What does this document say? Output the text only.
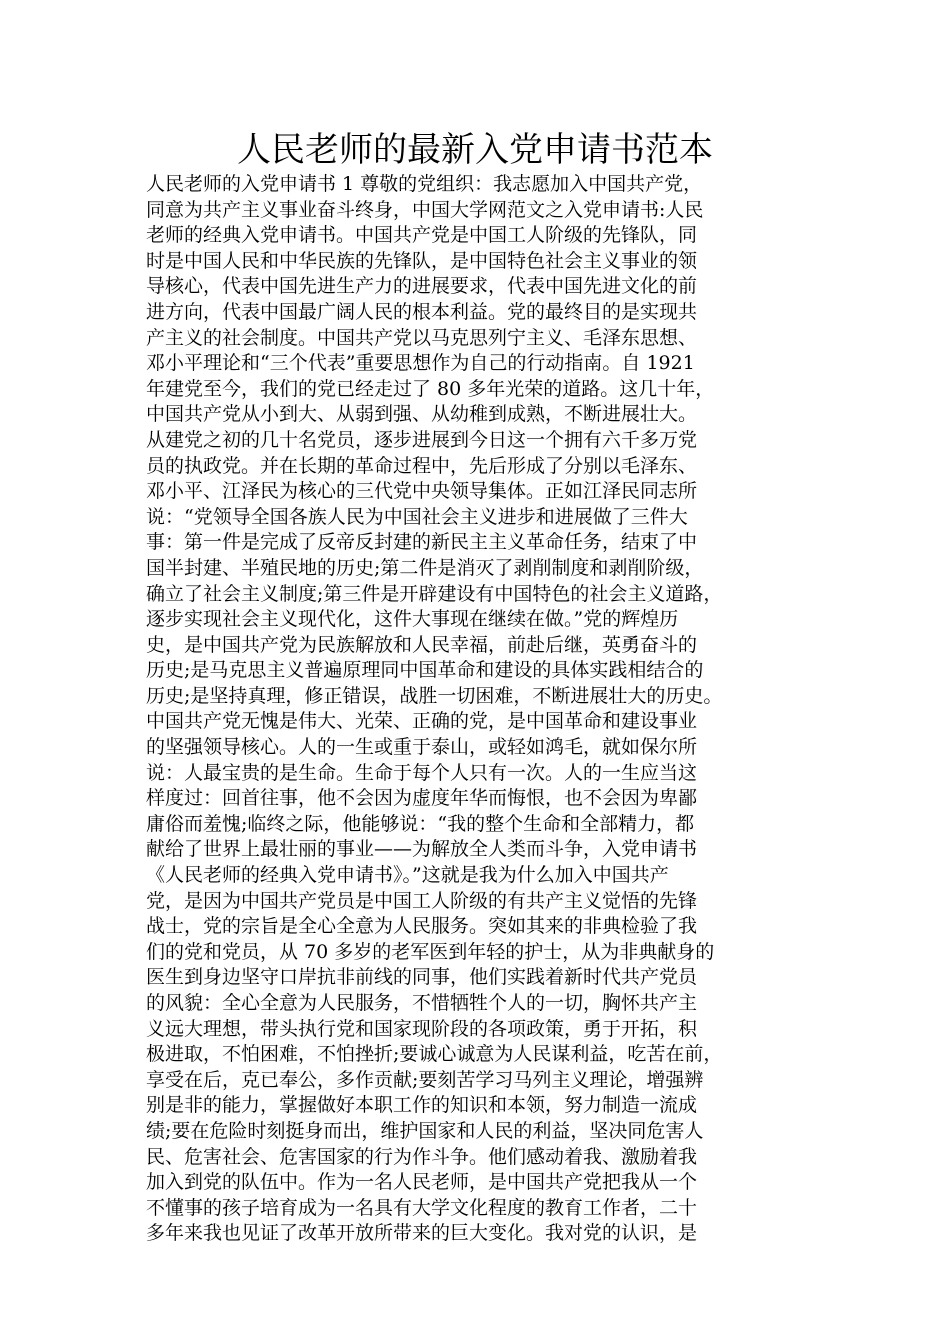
人民老师的最新入党申请书范本
人民老师的入党申请书 1 尊敬的党组织：我志愿加入中国共产党，
同意为共产主义事业奋斗终身，中国大学网范文之入党申请书:人民
老师的经典入党申请书。中国共产党是中国工人阶级的先锋队，同
时是中国人民和中华民族的先锋队，是中国特色社会主义事业的领
导核心，代表中国先进生产力的进展要求，代表中国先进文化的前
进方向，代表中国最广阔人民的根本利益。党的最终目的是实现共
产主义的社会制度。中国共产党以马克思列宁主义、毛泽东思想、
邓小平理论和“三个代表”重要思想作为自己的行动指南。自 1921
年建党至今，我们的党已经走过了 80 多年光荣的道路。这几十年，
中国共产党从小到大、从弱到强、从幼稚到成熟，不断进展壮大。
从建党之初的几十名党员，逐步进展到今日这一个拥有六千多万党
员的执政党。并在长期的革命过程中，先后形成了分别以毛泽东、
邓小平、江泽民为核心的三代党中央领导集体。正如江泽民同志所
说：“党领导全国各族人民为中国社会主义进步和进展做了三件大
事：第一件是完成了反帝反封建的新民主主义革命任务，结束了中
国半封建、半殖民地的历史;第二件是消灭了剥削制度和剥削阶级，
确立了社会主义制度;第三件是开辟建设有中国特色的社会主义道路，
逐步实现社会主义现代化，这件大事现在继续在做。”党的辉煌历
史，是中国共产党为民族解放和人民幸福，前赴后继，英勇奋斗的
历史;是马克思主义普遍原理同中国革命和建设的具体实践相结合的
历史;是坚持真理，修正错误，战胜一切困难，不断进展壮大的历史。
中国共产党无愧是伟大、光荣、正确的党，是中国革命和建设事业
的坚强领导核心。人的一生或重于泰山，或轻如鸿毛，就如保尔所
说：人最宝贵的是生命。生命于每个人只有一次。人的一生应当这
样度过：回首往事，他不会因为虚度年华而悔恨，也不会因为卑鄙
庸俗而羞愧;临终之际，他能够说：“我的整个生命和全部精力，都
献给了世界上最壮丽的事业——为解放全人类而斗争，入党申请书
《人民老师的经典入党申请书》。”这就是我为什么加入中国共产
党，是因为中国共产党员是中国工人阶级的有共产主义觉悟的先锋
战士，党的宗旨是全心全意为人民服务。突如其来的非典检验了我
们的党和党员，从 70 多岁的老军医到年轻的护士，从为非典献身的
医生到身边坚守口岸抗非前线的同事，他们实践着新时代共产党员
的风貌：全心全意为人民服务，不惜牺牲个人的一切，胸怀共产主
义远大理想，带头执行党和国家现阶段的各项政策，勇于开拓，积
极进取，不怕困难，不怕挫折;要诚心诚意为人民谋利益，吃苦在前，
享受在后，克已奉公，多作贡献;要刻苦学习马列主义理论，增强辨
别是非的能力，掌握做好本职工作的知识和本领，努力制造一流成
绩;要在危险时刻挺身而出，维护国家和人民的利益，坚决同危害人
民、危害社会、危害国家的行为作斗争。他们感动着我、激励着我
加入到党的队伍中。作为一名人民老师，是中国共产党把我从一个
不懂事的孩子培育成为一名具有大学文化程度的教育工作者，二十
多年来我也见证了改革开放所带来的巨大变化。我对党的认识，是
